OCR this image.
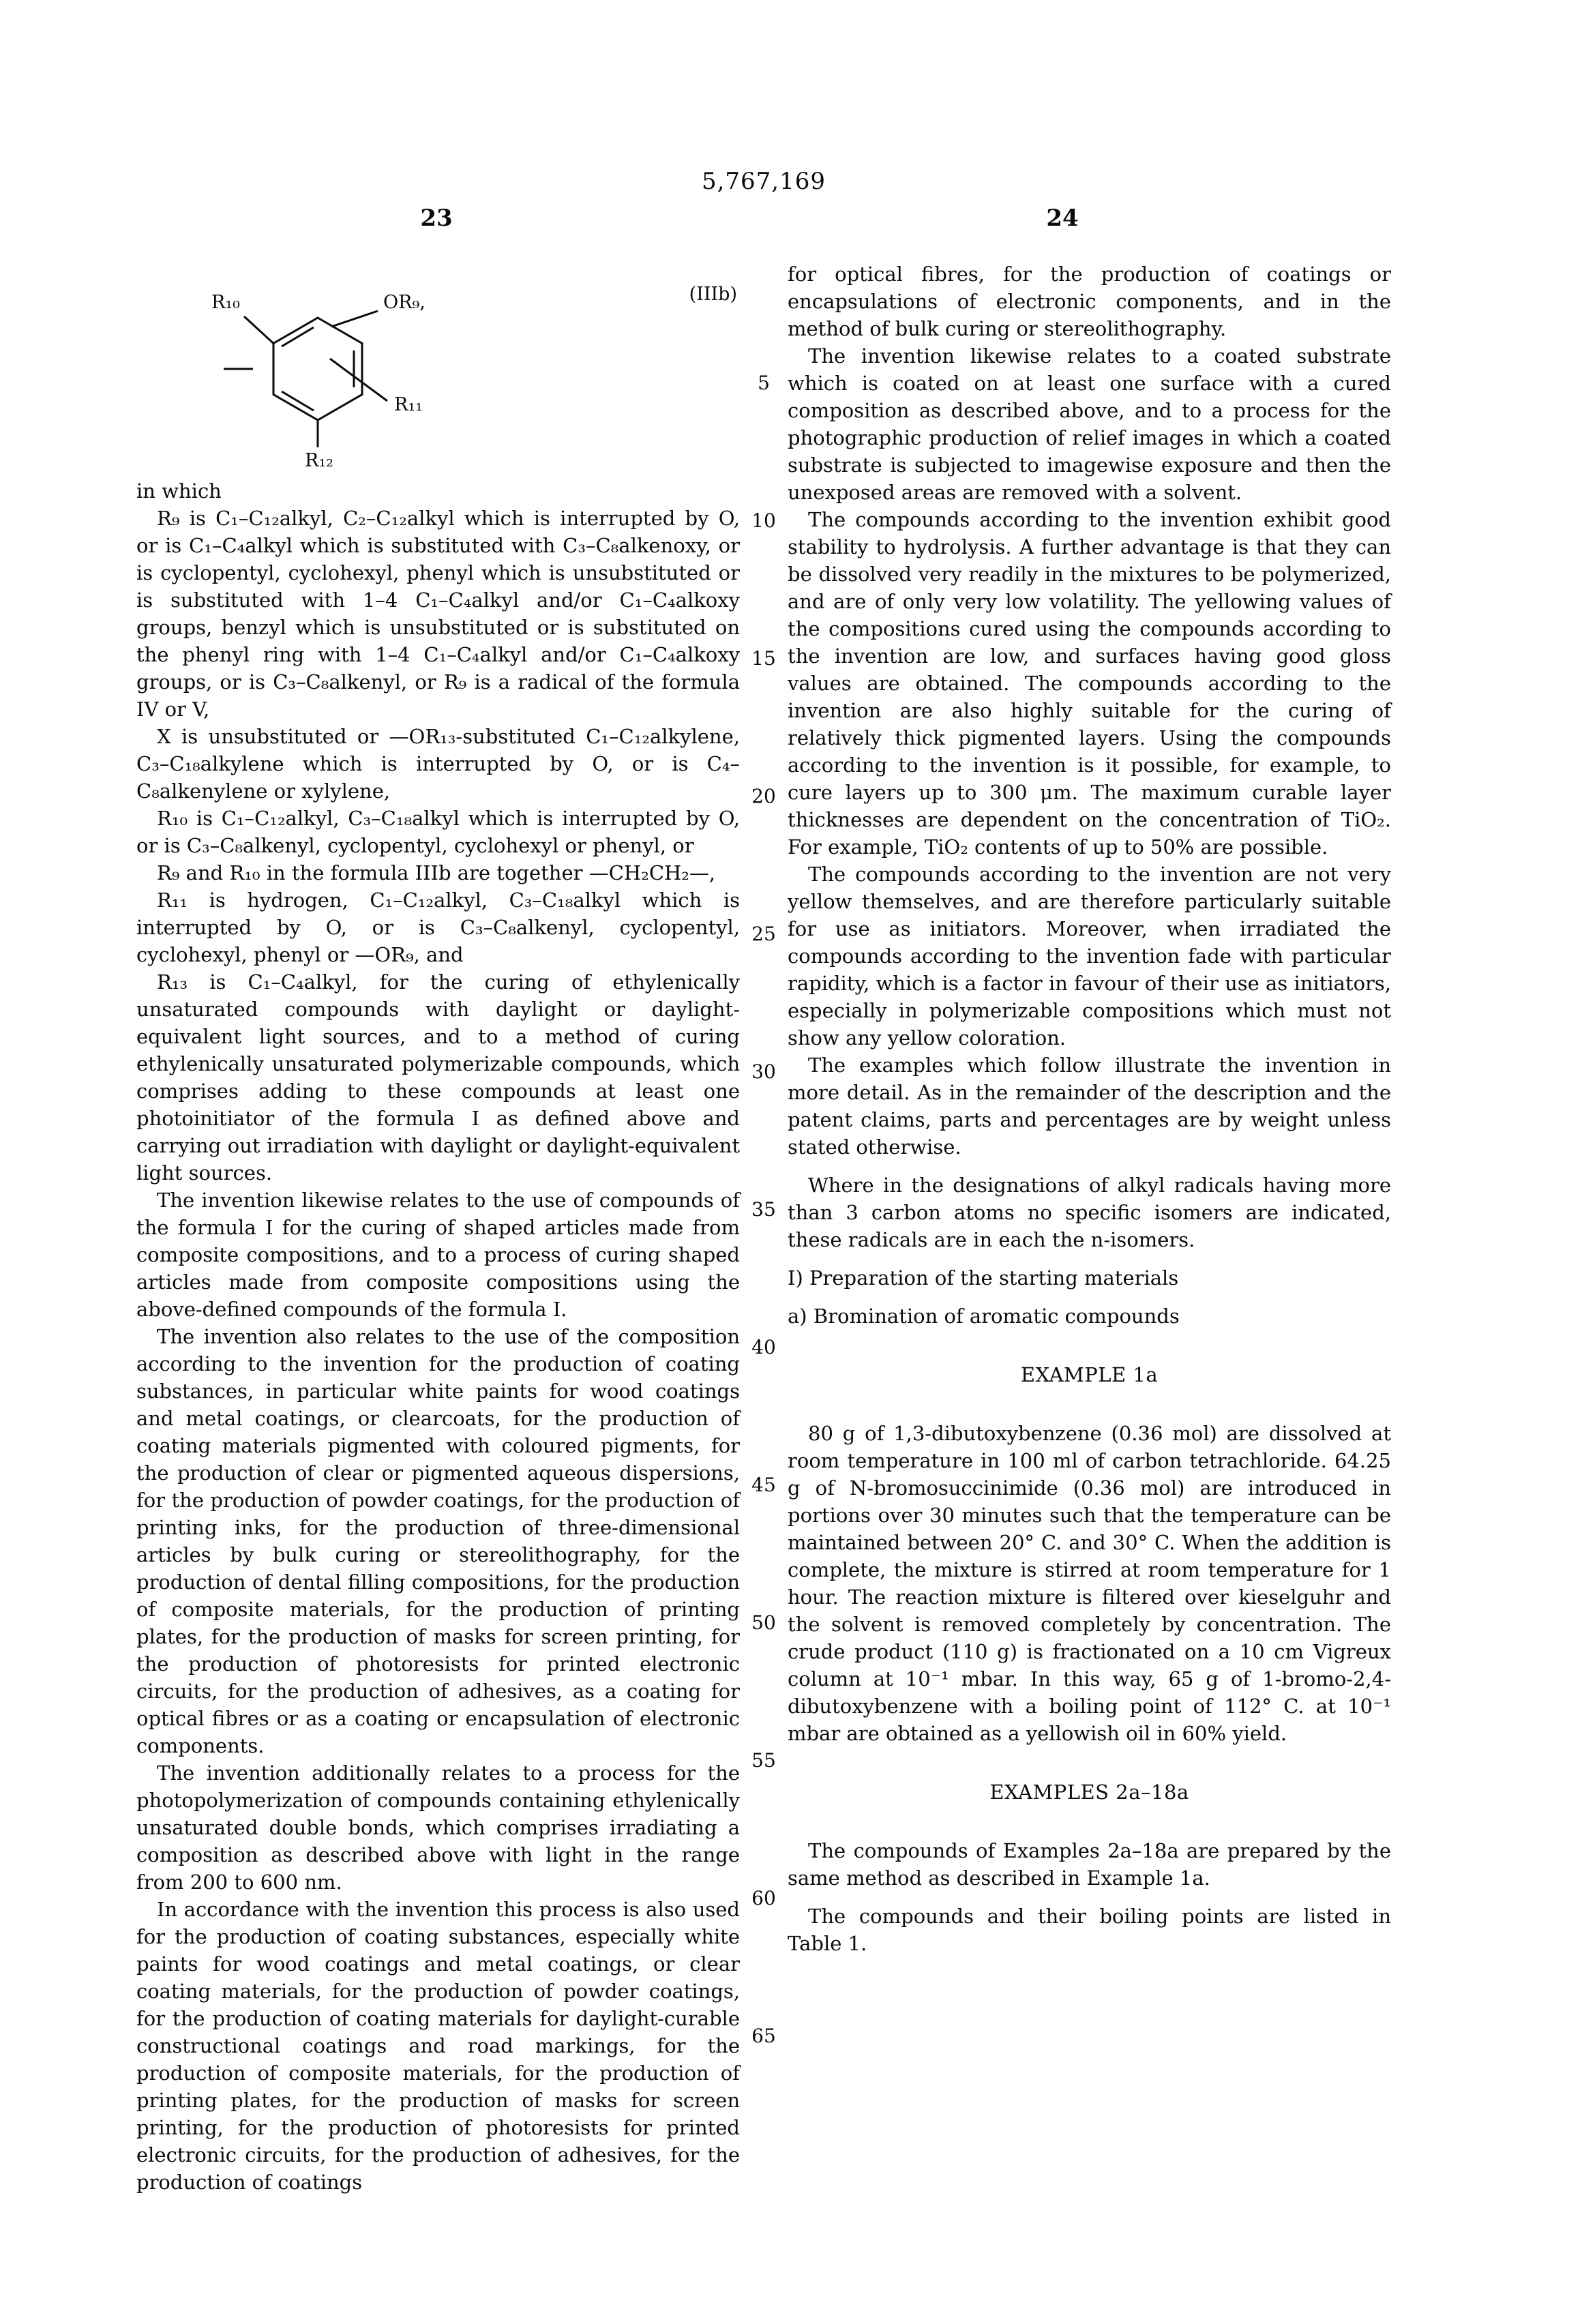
5,767,169
23	24
5
10
15
20
25
30
35
40
45
50
55
60
65
R₁₀	OR₉,
R₁₁
R₁₂
(IIIb)

in which

R₉ is C₁–C₁₂alkyl, C₂–C₁₂alkyl which is interrupted by O, or is C₁–C₄alkyl which is substituted with C₃–C₈alkenoxy, or is cyclopentyl, cyclohexyl, phenyl which is unsubstituted or is substituted with 1–4 C₁–C₄alkyl and/or C₁–C₄alkoxy groups, benzyl which is unsubstituted or is substituted on the phenyl ring with 1–4 C₁–C₄alkyl and/or C₁–C₄alkoxy groups, or is C₃–C₈alkenyl, or R₉ is a radical of the formula IV or V,

X is unsubstituted or —OR₁₃-substituted C₁–C₁₂alkylene, C₃–C₁₈alkylene which is interrupted by O, or is C₄–C₈alkenylene or xylylene,

R₁₀ is C₁–C₁₂alkyl, C₃–C₁₈alkyl which is interrupted by O, or is C₃–C₈alkenyl, cyclopentyl, cyclohexyl or phenyl, or

R₉ and R₁₀ in the formula IIIb are together —CH₂CH₂—,

R₁₁ is hydrogen, C₁–C₁₂alkyl, C₃–C₁₈alkyl which is interrupted by O, or is C₃–C₈alkenyl, cyclopentyl, cyclohexyl, phenyl or —OR₉, and

R₁₃ is C₁–C₄alkyl, for the curing of ethylenically unsaturated compounds with daylight or daylight-equivalent light sources, and to a method of curing ethylenically unsaturated polymerizable compounds, which comprises adding to these compounds at least one photoinitiator of the formula I as defined above and carrying out irradiation with daylight or daylight-equivalent light sources.

The invention likewise relates to the use of compounds of the formula I for the curing of shaped articles made from composite compositions, and to a process of curing shaped articles made from composite compositions using the above-defined compounds of the formula I.

The invention also relates to the use of the composition according to the invention for the production of coating substances, in particular white paints for wood coatings and metal coatings, or clearcoats, for the production of coating materials pigmented with coloured pigments, for the production of clear or pigmented aqueous dispersions, for the production of powder coatings, for the production of printing inks, for the production of three-dimensional articles by bulk curing or stereolithography, for the production of dental filling compositions, for the production of composite materials, for the production of printing plates, for the production of masks for screen printing, for the production of photoresists for printed electronic circuits, for the production of adhesives, as a coating for optical fibres or as a coating or encapsulation of electronic components.

The invention additionally relates to a process for the photopolymerization of compounds containing ethylenically unsaturated double bonds, which comprises irradiating a composition as described above with light in the range from 200 to 600 nm.

In accordance with the invention this process is also used for the production of coating substances, especially white paints for wood coatings and metal coatings, or clear coating materials, for the production of powder coatings, for the production of coating materials for daylight-curable constructional coatings and road markings, for the production of composite materials, for the production of printing plates, for the production of masks for screen printing, for the production of photoresists for printed electronic circuits, for the production of adhesives, for the production of coatings

for optical fibres, for the production of coatings or encapsulations of electronic components, and in the method of bulk curing or stereolithography.

The invention likewise relates to a coated substrate which is coated on at least one surface with a cured composition as described above, and to a process for the photographic production of relief images in which a coated substrate is subjected to imagewise exposure and then the unexposed areas are removed with a solvent.

The compounds according to the invention exhibit good stability to hydrolysis. A further advantage is that they can be dissolved very readily in the mixtures to be polymerized, and are of only very low volatility. The yellowing values of the compositions cured using the compounds according to the invention are low, and surfaces having good gloss values are obtained. The compounds according to the invention are also highly suitable for the curing of relatively thick pigmented layers. Using the compounds according to the invention is it possible, for example, to cure layers up to 300 μm. The maximum curable layer thicknesses are dependent on the concentration of TiO₂. For example, TiO₂ contents of up to 50% are possible.

The compounds according to the invention are not very yellow themselves, and are therefore particularly suitable for use as initiators. Moreover, when irradiated the compounds according to the invention fade with particular rapidity, which is a factor in favour of their use as initiators, especially in polymerizable compositions which must not show any yellow coloration.

The examples which follow illustrate the invention in more detail. As in the remainder of the description and the patent claims, parts and percentages are by weight unless stated otherwise.

Where in the designations of alkyl radicals having more than 3 carbon atoms no specific isomers are indicated, these radicals are in each the n-isomers.

I) Preparation of the starting materials

a) Bromination of aromatic compounds

EXAMPLE 1a

80 g of 1,3-dibutoxybenzene (0.36 mol) are dissolved at room temperature in 100 ml of carbon tetrachloride. 64.25 g of N-bromosuccinimide (0.36 mol) are introduced in portions over 30 minutes such that the temperature can be maintained between 20° C. and 30° C. When the addition is complete, the mixture is stirred at room temperature for 1 hour. The reaction mixture is filtered over kieselguhr and the solvent is removed completely by concentration. The crude product (110 g) is fractionated on a 10 cm Vigreux column at 10⁻¹ mbar. In this way, 65 g of 1-bromo-2,4-dibutoxybenzene with a boiling point of 112° C. at 10⁻¹ mbar are obtained as a yellowish oil in 60% yield.

EXAMPLES 2a–18a

The compounds of Examples 2a–18a are prepared by the same method as described in Example 1a.

The compounds and their boiling points are listed in Table 1.
